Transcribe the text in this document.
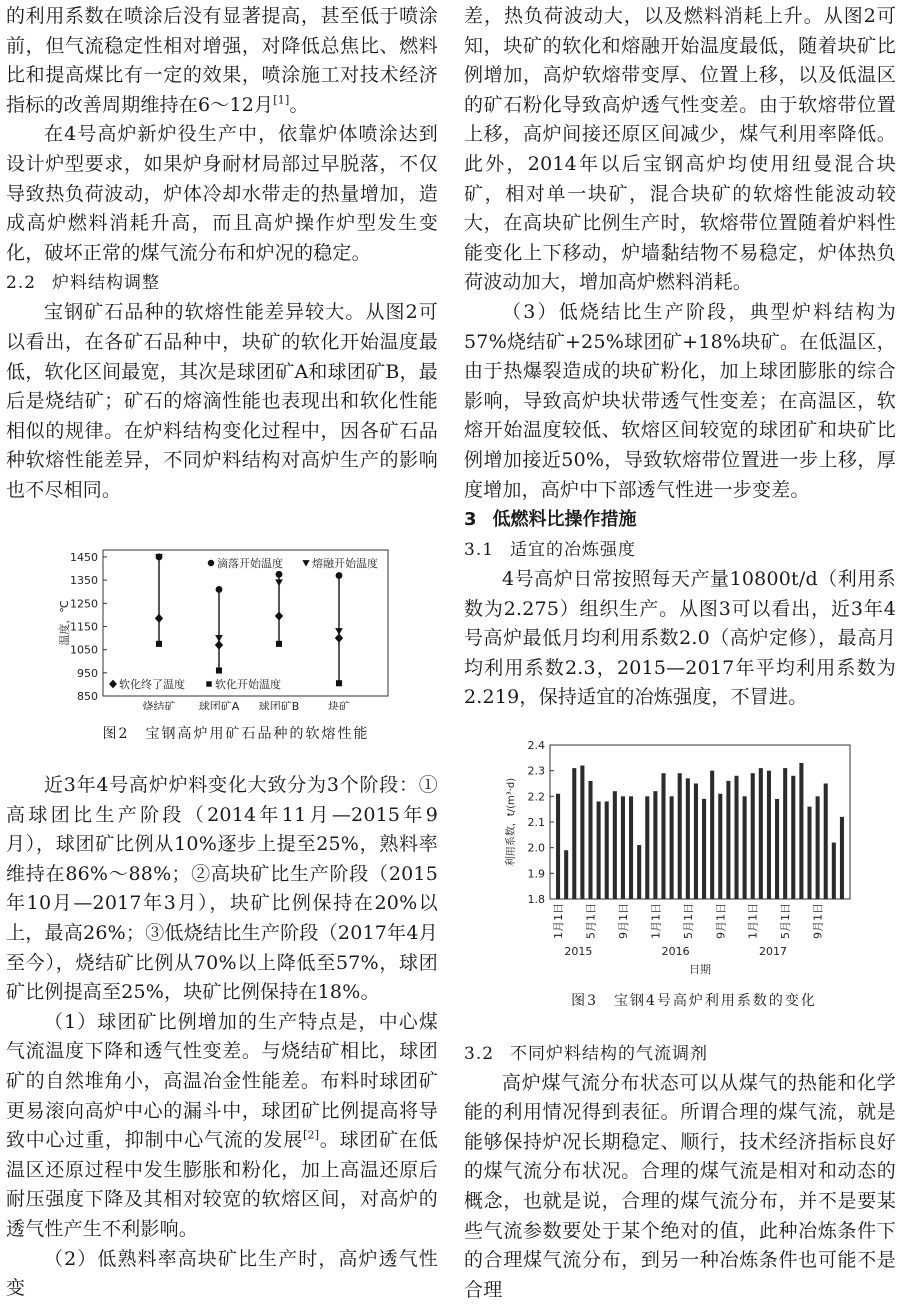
的利用系数在喷涂后没有显著提高，甚至低于喷涂前，但气流稳定性相对增强，对降低总焦比、燃料比和提高煤比有一定的效果，喷涂施工对技术经济指标的改善周期维持在6～12月[1]。

在4号高炉新炉役生产中，依靠炉体喷涂达到设计炉型要求，如果炉身耐材局部过早脱落，不仅导致热负荷波动，炉体冷却水带走的热量增加，造成高炉燃料消耗升高，而且高炉操作炉型发生变化，破坏正常的煤气流分布和炉况的稳定。

2.2 炉料结构调整

宝钢矿石品种的软熔性能差异较大。从图2可以看出，在各矿石品种中，块矿的软化开始温度最低，软化区间最宽，其次是球团矿A和球团矿B，最后是烧结矿；矿石的熔滴性能也表现出和软化性能相似的规律。在炉料结构变化过程中，因各矿石品种软熔性能差异，不同炉料结构对高炉生产的影响也不尽相同。

850
950
1050
1150
1250
1350
1450
温度，℃
烧结矿 球团矿A 球团矿B	块矿
滴落开始温度	熔融开始温度
软化终了温度	软化开始温度

图2　宝钢高炉用矿石品种的软熔性能

近3年4号高炉炉料变化大致分为3个阶段：①高球团比生产阶段（2014年11月—2015年9月），球团矿比例从10%逐步上提至25%，熟料率维持在86%～88%；②高块矿比生产阶段（2015年10月—2017年3月），块矿比例保持在20%以上，最高26%；③低烧结比生产阶段（2017年4月至今），烧结矿比例从70%以上降低至57%，球团矿比例提高至25%，块矿比例保持在18%。

（1）球团矿比例增加的生产特点是，中心煤气流温度下降和透气性变差。与烧结矿相比，球团矿的自然堆角小，高温冶金性能差。布料时球团矿更易滚向高炉中心的漏斗中，球团矿比例提高将导致中心过重，抑制中心气流的发展[2]。球团矿在低温区还原过程中发生膨胀和粉化，加上高温还原后耐压强度下降及其相对较宽的软熔区间，对高炉的透气性产生不利影响。

（2）低熟料率高块矿比生产时，高炉透气性变

差，热负荷波动大，以及燃料消耗上升。从图2可知，块矿的软化和熔融开始温度最低，随着块矿比例增加，高炉软熔带变厚、位置上移，以及低温区的矿石粉化导致高炉透气性变差。由于软熔带位置上移，高炉间接还原区间减少，煤气利用率降低。此外，2014年以后宝钢高炉均使用纽曼混合块矿，相对单一块矿，混合块矿的软熔性能波动较大，在高块矿比例生产时，软熔带位置随着炉料性能变化上下移动，炉墙黏结物不易稳定，炉体热负荷波动加大，增加高炉燃料消耗。

（3）低烧结比生产阶段，典型炉料结构为57%烧结矿+25%球团矿+18%块矿。在低温区，由于热爆裂造成的块矿粉化，加上球团膨胀的综合影响，导致高炉块状带透气性变差；在高温区，软熔开始温度较低、软熔区间较宽的球团矿和块矿比例增加接近50%，导致软熔带位置进一步上移，厚度增加，高炉中下部透气性进一步变差。

3 低燃料比操作措施
3.1 适宜的冶炼强度

4号高炉日常按照每天产量10800t/d（利用系数为2.275）组织生产。从图3可以看出，近3年4号高炉最低月均利用系数2.0（高炉定修），最高月均利用系数2.3，2015—2017年平均利用系数为2.219，保持适宜的冶炼强度，不冒进。

1.8
1.9
2.0
2.1
2.2
2.3
2.4
利用系数，t/(m³·d)
1月1日 5月1日 9月1日 1月1日 5月1日 9月1日 1月1日 5月1日 9月1日
2015	2016	2017
日期

图3　宝钢4号高炉利用系数的变化

3.2 不同炉料结构的气流调剂

高炉煤气流分布状态可以从煤气的热能和化学能的利用情况得到表征。所谓合理的煤气流，就是能够保持炉况长期稳定、顺行，技术经济指标良好的煤气流分布状况。合理的煤气流是相对和动态的概念，也就是说，合理的煤气流分布，并不是要某些气流参数要处于某个绝对的值，此种冶炼条件下的合理煤气流分布，到另一种冶炼条件也可能不是合理
